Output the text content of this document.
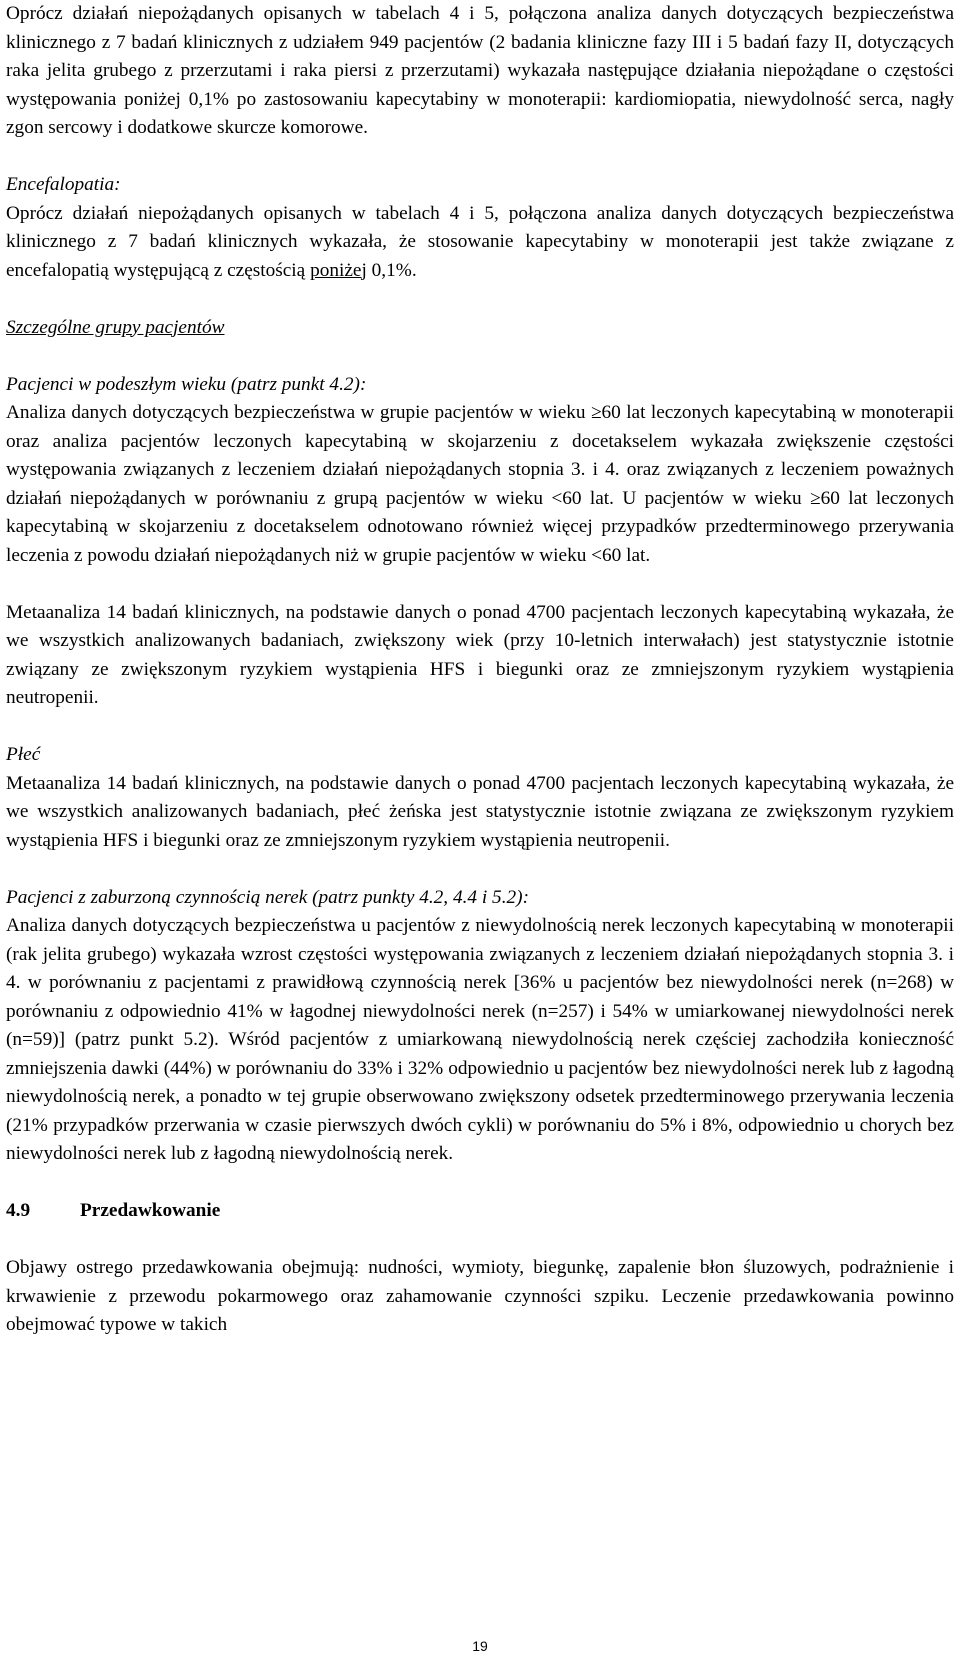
Oprócz działań niepożądanych opisanych w tabelach 4 i 5, połączona analiza danych dotyczących bezpieczeństwa klinicznego z 7 badań klinicznych z udziałem 949 pacjentów (2 badania kliniczne fazy III i 5 badań fazy II, dotyczących raka jelita grubego z przerzutami i raka piersi z przerzutami) wykazała następujące działania niepożądane o częstości występowania poniżej 0,1% po zastosowaniu kapecytabiny w monoterapii: kardiomiopatia, niewydolność serca, nagły zgon sercowy i dodatkowe skurcze komorowe.

Encefalopatia:

Oprócz działań niepożądanych opisanych w tabelach 4 i 5, połączona analiza danych dotyczących bezpieczeństwa klinicznego z 7 badań klinicznych wykazała, że stosowanie kapecytabiny w monoterapii jest także związane z encefalopatią występującą z częstością poniżej 0,1%.

Szczególne grupy pacjentów
Pacjenci w podeszłym wieku (patrz punkt 4.2):

Analiza danych dotyczących bezpieczeństwa w grupie pacjentów w wieku ≥60 lat leczonych kapecytabiną w monoterapii oraz analiza pacjentów leczonych kapecytabiną w skojarzeniu z docetakselem wykazała zwiększenie częstości występowania związanych z leczeniem działań niepożądanych stopnia 3. i 4. oraz związanych z leczeniem poważnych działań niepożądanych w porównaniu z grupą pacjentów w wieku <60 lat. U pacjentów w wieku ≥60 lat leczonych kapecytabiną w skojarzeniu z docetakselem odnotowano również więcej przypadków przedterminowego przerywania leczenia z powodu działań niepożądanych niż w grupie pacjentów w wieku <60 lat.

Metaanaliza 14 badań klinicznych, na podstawie danych o ponad 4700 pacjentach leczonych kapecytabiną wykazała, że we wszystkich analizowanych badaniach, zwiększony wiek (przy 10-letnich interwałach) jest statystycznie istotnie związany ze zwiększonym ryzykiem wystąpienia HFS i biegunki oraz ze zmniejszonym ryzykiem wystąpienia neutropenii.

Płeć

Metaanaliza 14 badań klinicznych, na podstawie danych o ponad 4700 pacjentach leczonych kapecytabiną wykazała, że we wszystkich analizowanych badaniach, płeć żeńska jest statystycznie istotnie związana ze zwiększonym ryzykiem wystąpienia HFS i biegunki oraz ze zmniejszonym ryzykiem wystąpienia neutropenii.

Pacjenci z zaburzoną czynnością nerek (patrz punkty 4.2, 4.4 i 5.2):

Analiza danych dotyczących bezpieczeństwa u pacjentów z niewydolnością nerek leczonych kapecytabiną w monoterapii (rak jelita grubego) wykazała wzrost częstości występowania związanych z leczeniem działań niepożądanych stopnia 3. i 4. w porównaniu z pacjentami z prawidłową czynnością nerek [36% u pacjentów bez niewydolności nerek (n=268) w porównaniu z odpowiednio 41% w łagodnej niewydolności nerek (n=257) i 54% w umiarkowanej niewydolności nerek (n=59)] (patrz punkt 5.2). Wśród pacjentów z umiarkowaną niewydolnością nerek częściej zachodziła konieczność zmniejszenia dawki (44%) w porównaniu do 33% i 32% odpowiednio u pacjentów bez niewydolności nerek lub z łagodną niewydolnością nerek, a ponadto w tej grupie obserwowano zwiększony odsetek przedterminowego przerywania leczenia (21% przypadków przerwania w czasie pierwszych dwóch cykli) w porównaniu do 5% i 8%, odpowiednio u chorych bez niewydolności nerek lub z łagodną niewydolnością nerek.

4.9	Przedawkowanie

Objawy ostrego przedawkowania obejmują: nudności, wymioty, biegunkę, zapalenie błon śluzowych, podrażnienie i krwawienie z przewodu pokarmowego oraz zahamowanie czynności szpiku. Leczenie przedawkowania powinno obejmować typowe w takich

19
